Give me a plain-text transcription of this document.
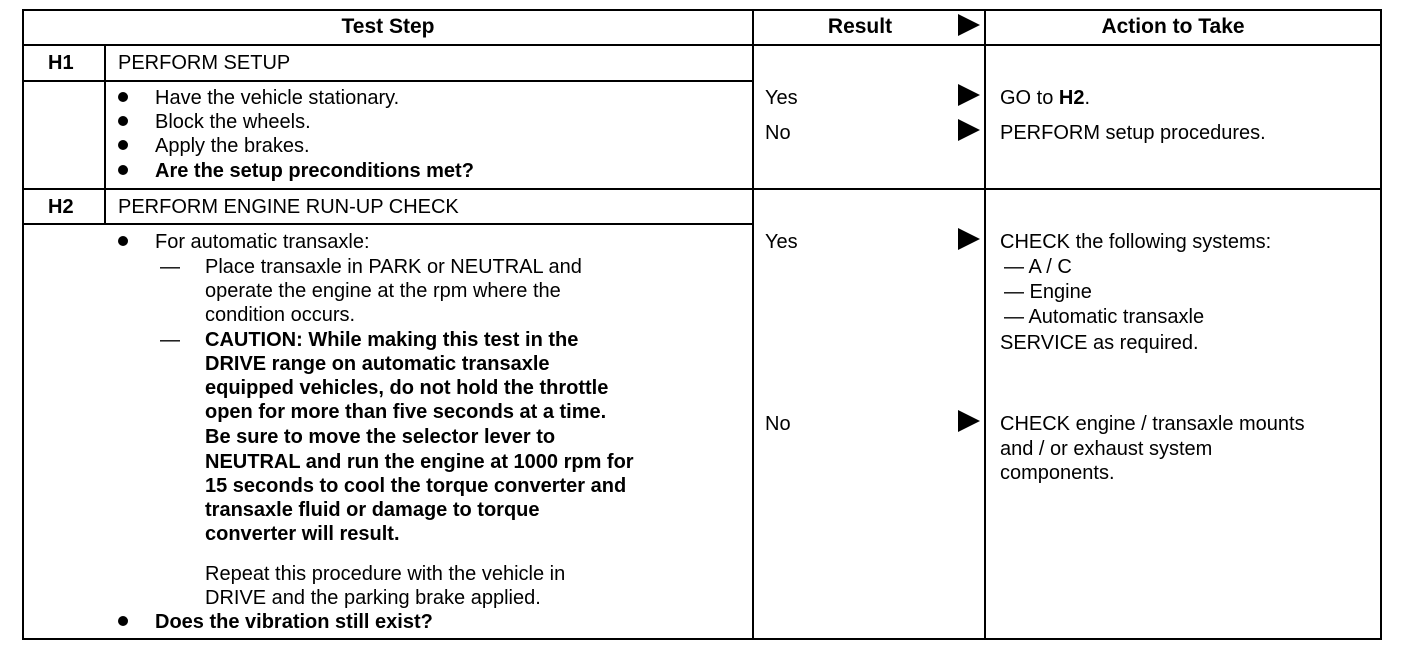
Test Step	Result	Action to Take
H1 PERFORM SETUP
Have the vehicle stationary.
Block the wheels.
Apply the brakes.
Are the setup preconditions met?
Yes	GO to H2.
No	PERFORM setup procedures.
H2 PERFORM ENGINE RUN-UP CHECK
For automatic transaxle:
— Place transaxle in PARK or NEUTRAL and
operate the engine at the rpm where the
condition occurs.
— CAUTION: While making this test in the
DRIVE range on automatic transaxle
equipped vehicles, do not hold the throttle
open for more than five seconds at a time.
Be sure to move the selector lever to
NEUTRAL and run the engine at 1000 rpm for
15 seconds to cool the torque converter and
transaxle fluid or damage to torque
converter will result.
Repeat this procedure with the vehicle in
DRIVE and the parking brake applied.
Does the vibration still exist?
Yes	CHECK the following systems:
— A / C
— Engine
— Automatic transaxle
SERVICE as required.
No	CHECK engine / transaxle mounts
and / or exhaust system
components.
